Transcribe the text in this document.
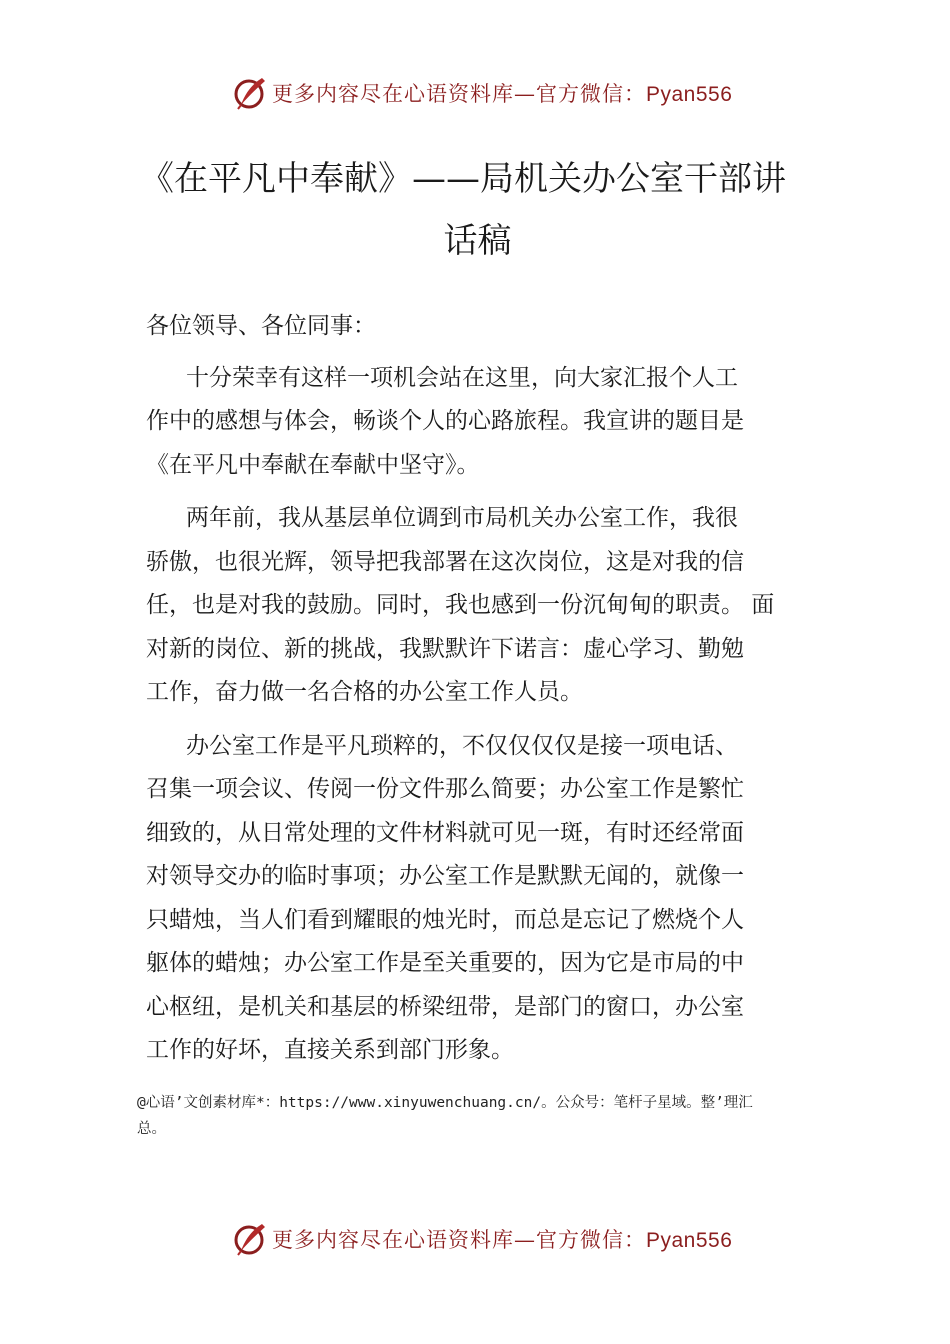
更多内容尽在心语资料库—官方微信：Pyan556
《在平凡中奉献》——局机关办公室干部讲
话稿

各位领导、各位同事：

十分荣幸有这样一项机会站在这里，向大家汇报个人工
作中的感想与体会，畅谈个人的心路旅程。我宣讲的题目是
《在平凡中奉献在奉献中坚守》。

两年前，我从基层单位调到市局机关办公室工作，我很
骄傲，也很光辉，领导把我部署在这次岗位，这是对我的信
任，也是对我的鼓励。同时，我也感到一份沉甸甸的职责。 面
对新的岗位、新的挑战，我默默许下诺言：虚心学习、勤勉
工作，奋力做一名合格的办公室工作人员。

办公室工作是平凡琐粹的，不仅仅仅仅是接一项电话、
召集一项会议、传阅一份文件那么简要；办公室工作是繁忙
细致的，从日常处理的文件材料就可见一斑，有时还经常面
对领导交办的临时事项；办公室工作是默默无闻的，就像一
只蜡烛，当人们看到耀眼的烛光时，而总是忘记了燃烧个人
躯体的蜡烛；办公室工作是至关重要的，因为它是市局的中
心枢纽，是机关和基层的桥梁纽带，是部门的窗口，办公室
工作的好坏，直接关系到部门形象。

@心语’文创素材库*：https://www.xinyuwenchuang.cn/。公众号：笔杆子星域。整’理汇
总。
更多内容尽在心语资料库—官方微信：Pyan556
